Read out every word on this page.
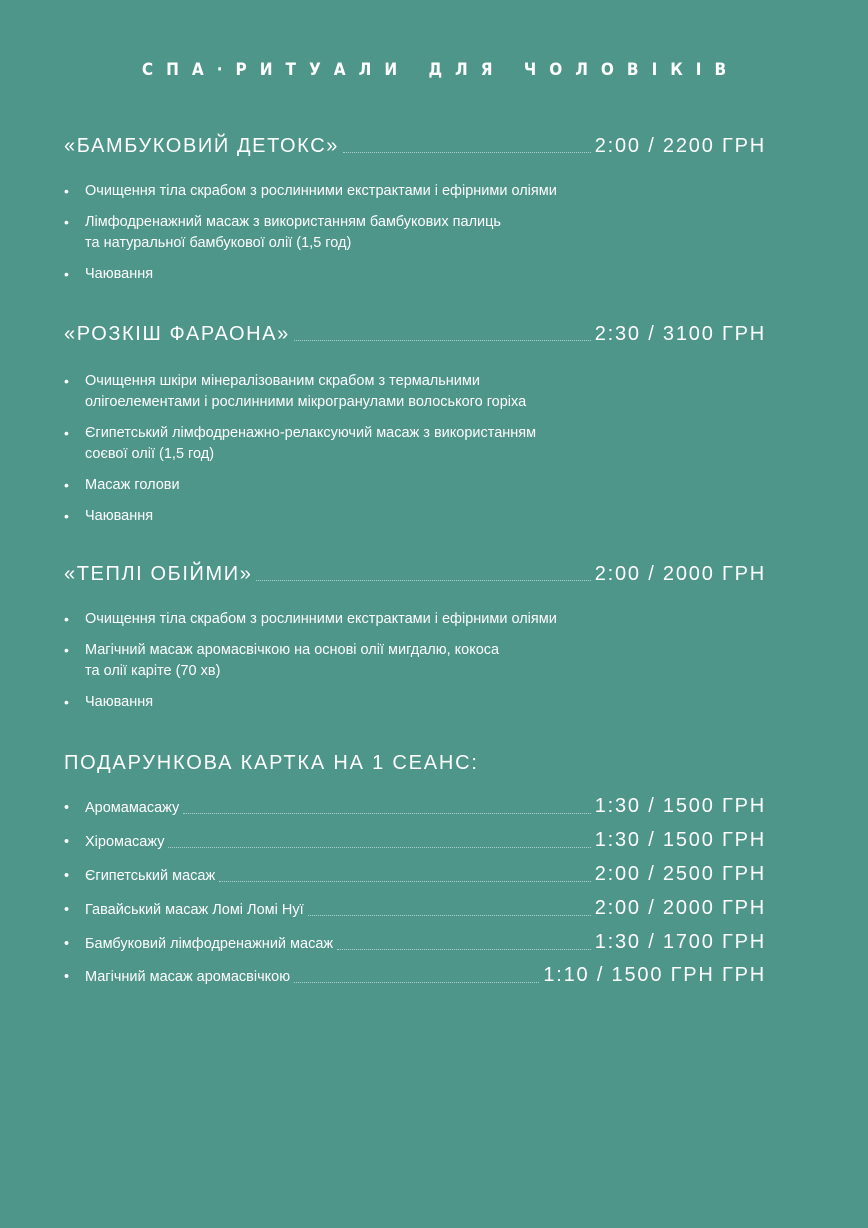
СПА·РИТУАЛИ ДЛЯ ЧОЛОВІКІВ
«БАМБУКОВИЙ ДЕТОКС»	2:00 / 2200 ГРН
• Очищення тіла скрабом з рослинними екстрактами і ефірними оліями
• Лімфодренажний масаж з використанням бамбукових палиць
та натуральної бамбукової олії (1,5 год)
• Чаювання
«РОЗКІШ ФАРАОНА»	2:30 / 3100 ГРН
• Очищення шкіри мінералізованим скрабом з термальними
олігоелементами і рослинними мікрогранулами волоського горіха
• Єгипетський лімфодренажно-релаксуючий масаж з використанням
соєвої олії (1,5 год)
• Масаж голови
• Чаювання
«ТЕПЛІ ОБІЙМИ»	2:00 / 2000 ГРН
• Очищення тіла скрабом з рослинними екстрактами і ефірними оліями
• Магічний масаж аромасвічкою на основі олії мигдалю, кокоса
та олії каріте (70 хв)
• Чаювання
ПОДАРУНКОВА КАРТКА НА 1 СЕАНС:
• Аромамасажу	1:30 / 1500 ГРН
• Хіромасажу	1:30 / 1500 ГРН
• Єгипетський масаж	2:00 / 2500 ГРН
• Гавайський масаж Ломі Ломі Нуї	2:00 / 2000 ГРН
• Бамбуковий лімфодренажний масаж	1:30 / 1700 ГРН
• Магічний масаж аромасвічкою	1:10 / 1500 ГРН ГРН
